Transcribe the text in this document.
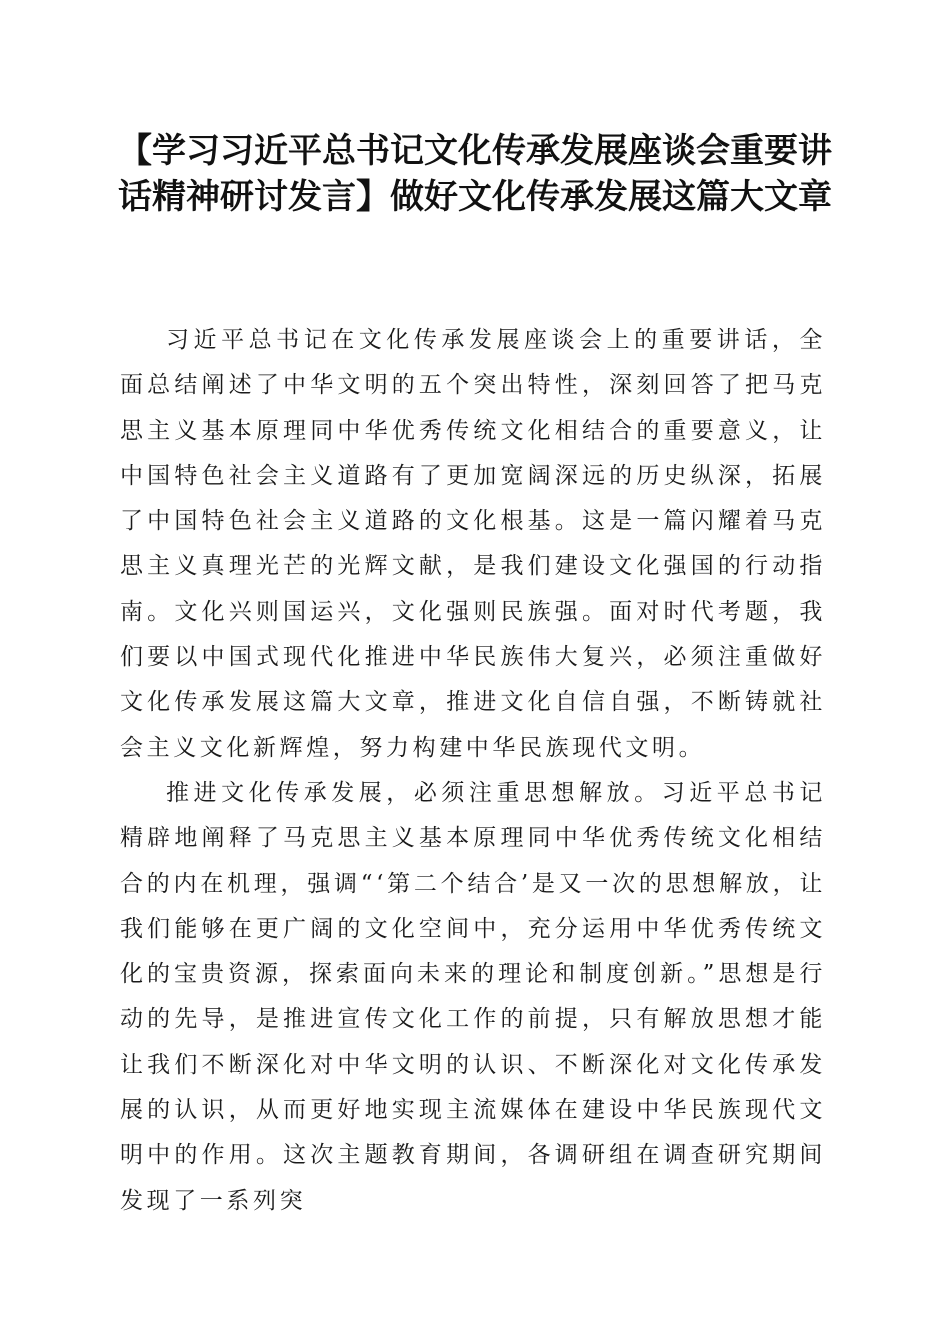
【学习习近平总书记文化传承发展座谈会重要讲话精神研讨发言】做好文化传承发展这篇大文章

习近平总书记在文化传承发展座谈会上的重要讲话，全面总结阐述了中华文明的五个突出特性，深刻回答了把马克思主义基本原理同中华优秀传统文化相结合的重要意义，让中国特色社会主义道路有了更加宽阔深远的历史纵深，拓展了中国特色社会主义道路的文化根基。这是一篇闪耀着马克思主义真理光芒的光辉文献，是我们建设文化强国的行动指南。文化兴则国运兴，文化强则民族强。面对时代考题，我们要以中国式现代化推进中华民族伟大复兴，必须注重做好文化传承发展这篇大文章，推进文化自信自强，不断铸就社会主义文化新辉煌，努力构建中华民族现代文明。

推进文化传承发展，必须注重思想解放。习近平总书记精辟地阐释了马克思主义基本原理同中华优秀传统文化相结合的内在机理，强调“‘第二个结合’是又一次的思想解放，让我们能够在更广阔的文化空间中，充分运用中华优秀传统文化的宝贵资源，探索面向未来的理论和制度创新。”思想是行动的先导，是推进宣传文化工作的前提，只有解放思想才能让我们不断深化对中华文明的认识、不断深化对文化传承发展的认识，从而更好地实现主流媒体在建设中华民族现代文明中的作用。这次主题教育期间，各调研组在调查研究期间发现了一系列突
